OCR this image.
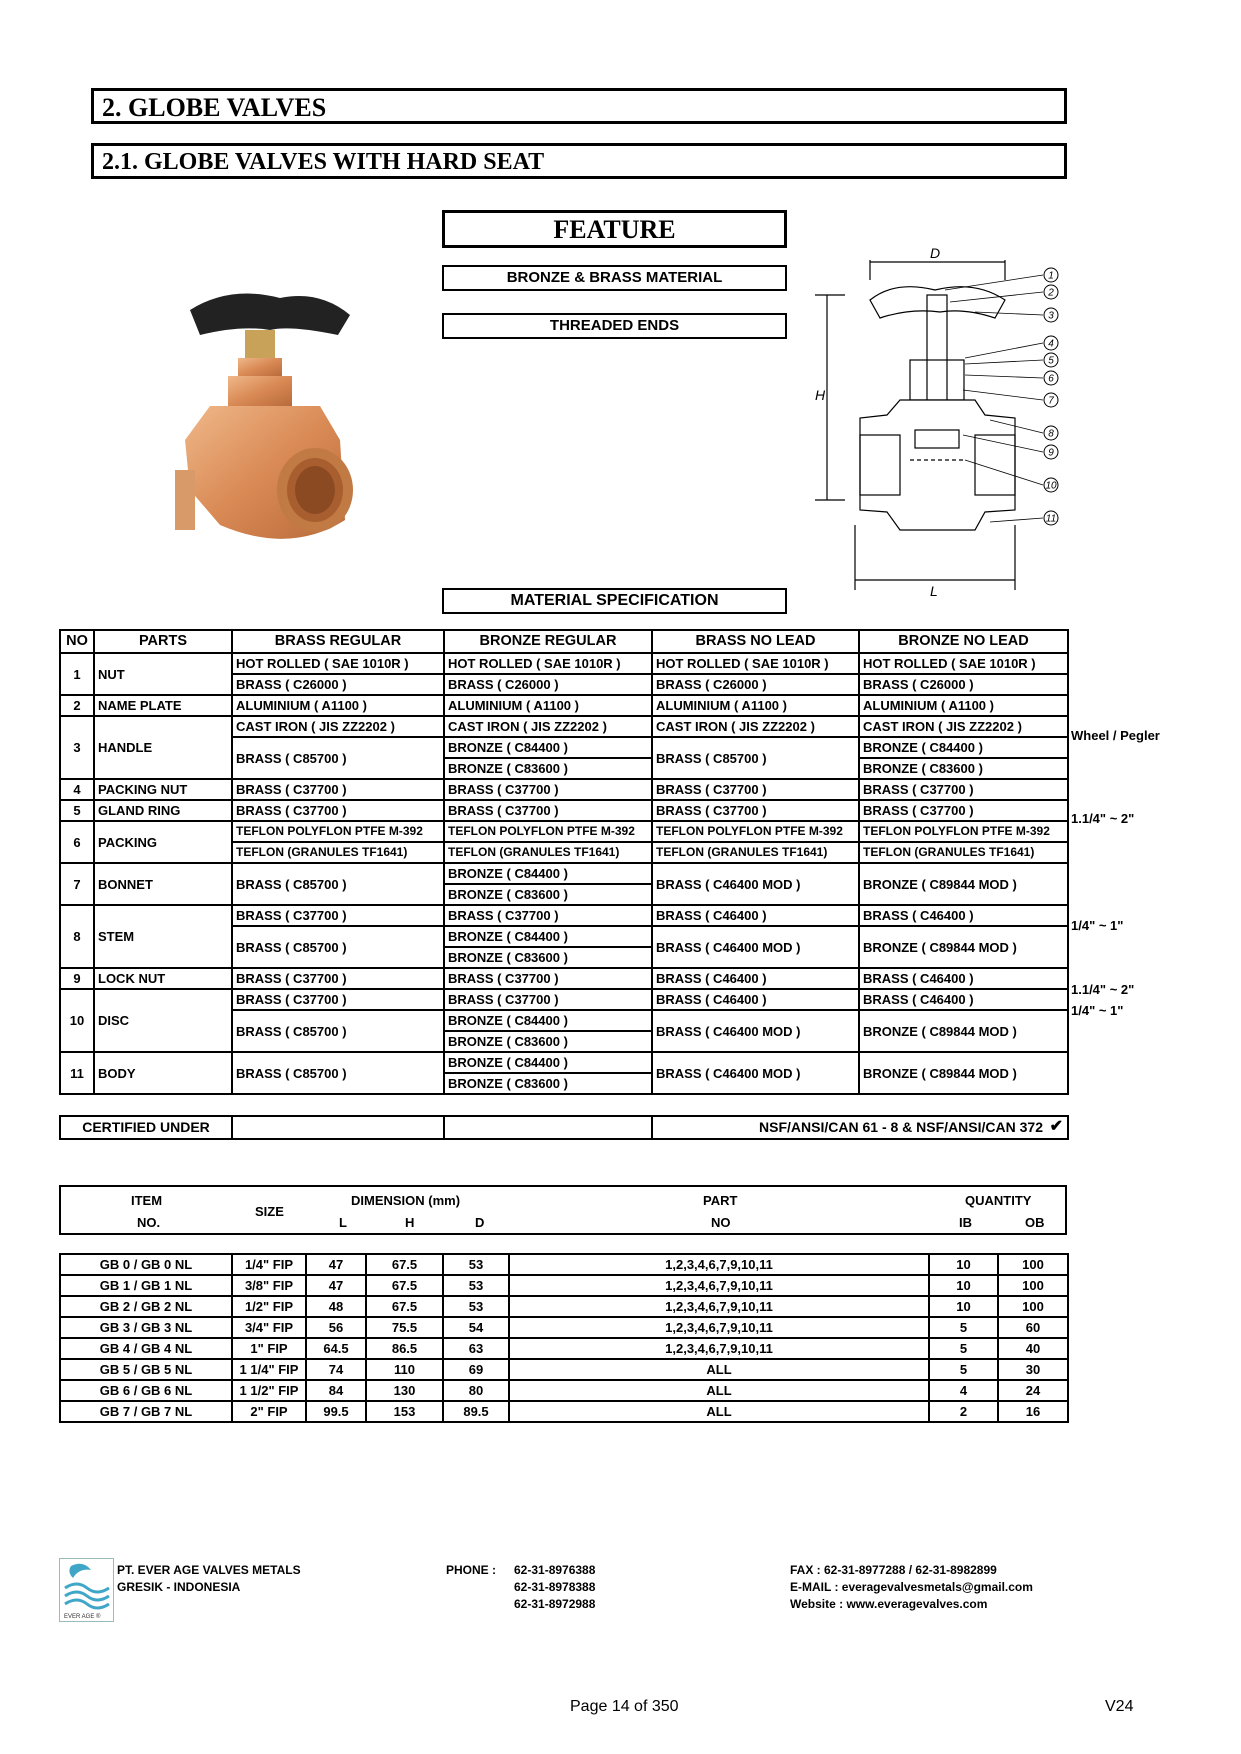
2. GLOBE VALVES
2.1. GLOBE VALVES WITH HARD SEAT
FEATURE
BRONZE & BRASS MATERIAL
THREADED ENDS
MATERIAL SPECIFICATION
D
H
L
1
2
3
4
5
6
7
8
9
10
11
NO	PARTS	BRASS REGULAR	BRONZE REGULAR	BRASS NO LEAD	BRONZE NO LEAD
1	NUT	HOT ROLLED ( SAE 1010R )	HOT ROLLED ( SAE 1010R )	HOT ROLLED ( SAE 1010R )	HOT ROLLED ( SAE 1010R )
		BRASS ( C26000 )	BRASS ( C26000 )	BRASS ( C26000 )	BRASS ( C26000 )
2	NAME PLATE	ALUMINIUM ( A1100 )	ALUMINIUM ( A1100 )	ALUMINIUM ( A1100 )	ALUMINIUM ( A1100 )
3	HANDLE	CAST IRON ( JIS ZZ2202 )	CAST IRON ( JIS ZZ2202 )	CAST IRON ( JIS ZZ2202 )	CAST IRON ( JIS ZZ2202 )
		BRASS ( C85700 )	BRONZE ( C84400 )	BRASS ( C85700 )	BRONZE ( C84400 )
			BRONZE ( C83600 )		BRONZE ( C83600 )
4	PACKING NUT	BRASS ( C37700 )	BRASS ( C37700 )	BRASS ( C37700 )	BRASS ( C37700 )
5	GLAND RING	BRASS ( C37700 )	BRASS ( C37700 )	BRASS ( C37700 )	BRASS ( C37700 )
6	PACKING	TEFLON POLYFLON PTFE M-392	TEFLON POLYFLON PTFE M-392	TEFLON POLYFLON PTFE M-392	TEFLON POLYFLON PTFE M-392
		TEFLON (GRANULES TF1641)	TEFLON (GRANULES TF1641)	TEFLON (GRANULES TF1641)	TEFLON (GRANULES TF1641)
7	BONNET	BRASS ( C85700 )	BRONZE ( C84400 )	BRASS ( C46400 MOD )	BRONZE ( C89844 MOD )
			BRONZE ( C83600 )		
8	STEM	BRASS ( C37700 )	BRASS ( C37700 )	BRASS ( C46400 )	BRASS ( C46400 )
		BRASS ( C85700 )	BRONZE ( C84400 )	BRASS ( C46400 MOD )	BRONZE ( C89844 MOD )
			BRONZE ( C83600 )		
9	LOCK NUT	BRASS ( C37700 )	BRASS ( C37700 )	BRASS ( C46400 )	BRASS ( C46400 )
10	DISC	BRASS ( C37700 )	BRASS ( C37700 )	BRASS ( C46400 )	BRASS ( C46400 )
		BRASS ( C85700 )	BRONZE ( C84400 )	BRASS ( C46400 MOD )	BRONZE ( C89844 MOD )
			BRONZE ( C83600 )		
11	BODY	BRASS ( C85700 )	BRONZE ( C84400 )	BRASS ( C46400 MOD )	BRONZE ( C89844 MOD )
			BRONZE ( C83600 )		
Wheel / Pegler
1.1/4" ~ 2"
1/4" ~ 1"
1.1/4" ~ 2"
1/4" ~ 1"
CERTIFIED UNDER			NSF/ANSI/CAN 61 - 8 & NSF/ANSI/CAN 372 ✔
ITEM
NO.
SIZE
DIMENSION (mm)
L	H	D
PART
NO
QUANTITY
IB	OB
GB 0 / GB 0 NL	1/4" FIP	47	67.5	53	1,2,3,4,6,7,9,10,11	10	100
GB 1 / GB 1 NL	3/8" FIP	47	67.5	53	1,2,3,4,6,7,9,10,11	10	100
GB 2 / GB 2 NL	1/2" FIP	48	67.5	53	1,2,3,4,6,7,9,10,11	10	100
GB 3 / GB 3 NL	3/4" FIP	56	75.5	54	1,2,3,4,6,7,9,10,11	5	60
GB 4 / GB 4 NL	1" FIP	64.5	86.5	63	1,2,3,4,6,7,9,10,11	5	40
GB 5 / GB 5 NL	1 1/4" FIP	74	110	69	ALL	5	30
GB 6 / GB 6 NL	1 1/2" FIP	84	130	80	ALL	4	24
GB 7 / GB 7 NL	2" FIP	99.5	153	89.5	ALL	2	16
EVER AGE ®
PT. EVER AGE VALVES METALS
GRESIK - INDONESIA
PHONE : 62-31-8976388
62-31-8978388
62-31-8972988
FAX : 62-31-8977288 / 62-31-8982899
E-MAIL : everagevalvesmetals@gmail.com
Website : www.everagevalves.com
Page 14 of 350	V24
